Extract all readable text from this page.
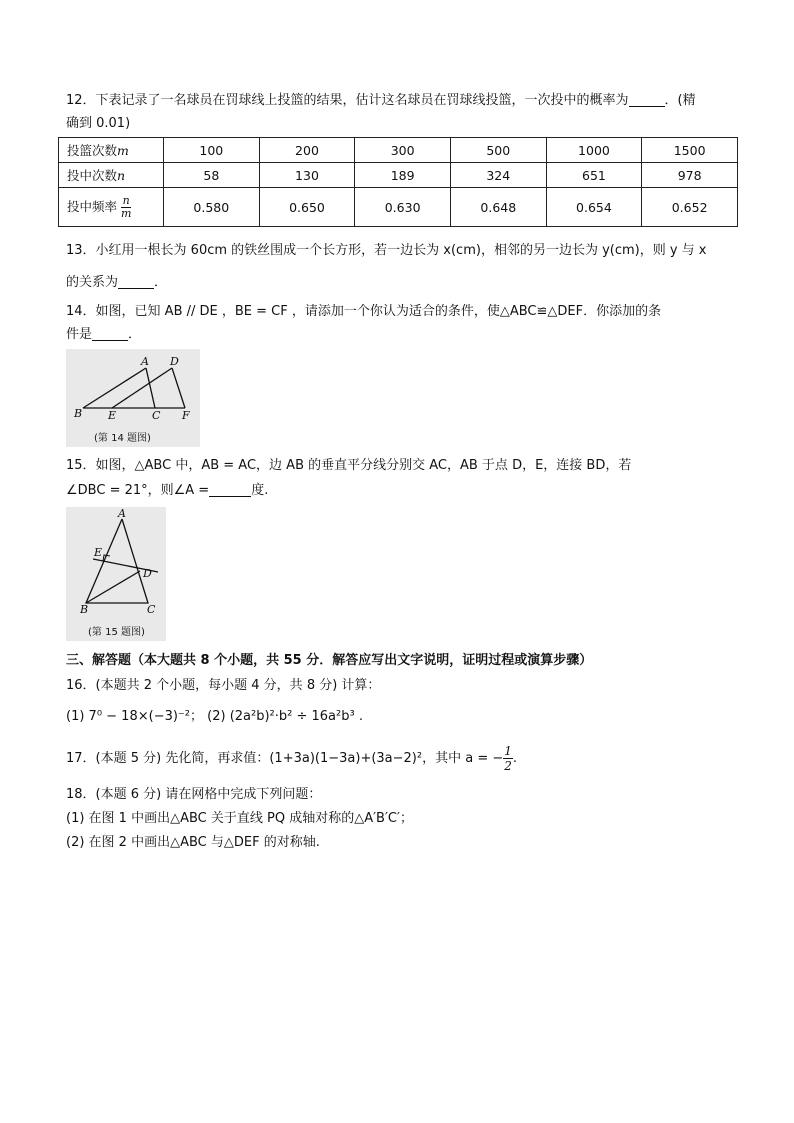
12．下表记录了一名球员在罚球线上投篮的结果，估计这名球员在罚球线投篮，一次投中的概率为	．(精
确到 0.01)
投篮次数m	100	200	300	500	1000	1500
投中次数n	58	130	189	324	651	978
投中频率 $\frac{n}{m}$	0.580	0.650	0.630	0.648	0.654	0.652
13．小红用一根长为 60cm 的铁丝围成一个长方形，若一边长为 x(cm)，相邻的另一边长为 y(cm)，则 y 与 x
的关系为	．
14．如图，已知 AB // DE ，BE = CF ，请添加一个你认为适合的条件，使△ABC≌△DEF．你添加的条
件是	．
A D
B E	C F
(第 14 题图)
15．如图，△ABC 中，AB = AC，边 AB 的垂直平分线分别交 AC，AB 于点 D，E，连接 BD，若
∠DBC = 21°，则∠A =	度.
A
E
D
B	C
(第 15 题图)
三、解答题（本大题共 8 个小题，共 55 分．解答应写出文字说明，证明过程或演算步骤）
16．(本题共 2 个小题，每小题 4 分，共 8 分) 计算：
(1) 7⁰ − 18×(−3)⁻²； (2) (2a²b)²·b² ÷ 16a²b³ .
17．(本题 5 分) 先化简，再求值：(1+3a)(1−3a)+(3a−2)²，其中 a = − $\frac{1}{2}$ .
18．(本题 6 分) 请在网格中完成下列问题：
(1) 在图 1 中画出△ABC 关于直线 PQ 成轴对称的△A′B′C′；
(2) 在图 2 中画出△ABC 与△DEF 的对称轴.
